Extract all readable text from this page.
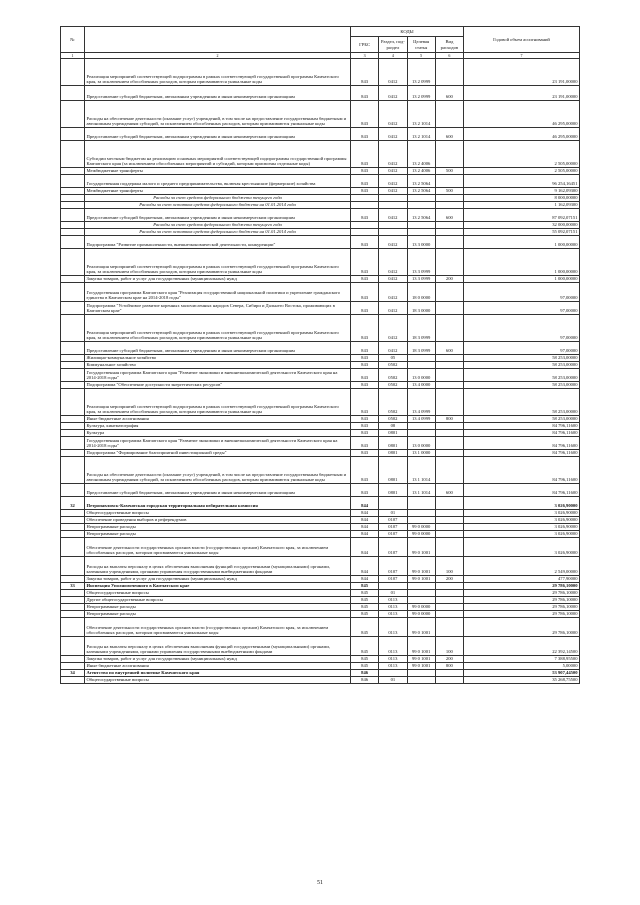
№		КОДЫ				Годовой объем ассигнований
		ГРБС	Раздел, под-раздел	Целевая статья	Вид расходов	
1	2	3	4	5	6	7
	Реализация мероприятий соответствующей подпрограммы в рамках соответствующей государственной программы Камчатского края, за исключением обособленных расходов, которым присваиваются уникальные коды	843	0412	13 2 0999		23 191,00000
	Предоставление субсидий бюджетным, автономным учреждениям и иным некоммерческим организациям	843	0412	13 2 0999	600	23 191,00000
	Расходы на обеспечение деятельности (оказание услуг) учреждений, в том числе на предоставление государственным бюджетным и автономным учреждениям субсидий, за исключением обособленных расходов, которым присваиваются уникальные коды	843	0412	13 2 1014		46 295,00000
	Предоставление субсидий бюджетным, автономным учреждениям и иным некоммерческим организациям	843	0412	13 2 1014	600	46 295,00000
	Субсидии местным бюджетам на реализацию основных мероприятий соответствующей подпрограммы государственной программы Камчатского края (за исключением обособленных мероприятий и субсидий, которым присвоены отдельные коды)	843	0412	13 2 4006		2 505,00000
	Межбюджетные трансферты	843	0412	13 2 4006	500	2 505,00000
	Государственная поддержка малого и среднего предпринимательства, включая крестьянские (фермерские) хозяйства	843	0412	13 2 5064		96 254,16451
	Межбюджетные трансферты	843	0412	13 2 5064	500	9 162,09300
	Расходы за счет средств федерального бюджета текущего года					8 000,00000
	Расходы за счет остатков средств федерального бюджета на 01.01.2014 года					1 162,09300
	Предоставление субсидий бюджетным, автономным учреждениям и иным некоммерческим организациям	843	0412	13 2 5064	600	87 092,07151
	Расходы за счет средств федерального бюджета текущего года					32 000,00000
	Расходы за счет остатков средств федерального бюджета на 01.01.2014 года					55 092,07151
	Подпрограмма "Развитие промышленности, внешнеэкономической деятельности, конкуренции"	843	0412	13 3 0000		1 000,00000
	Реализация мероприятий соответствующей подпрограммы в рамках соответствующей государственной программы Камчатского края, за исключением обособленных расходов, которым присваиваются уникальные коды	843	0412	13 3 0999		1 000,00000
	Закупка товаров, работ и услуг для государственных (муниципальных) нужд	843	0412	13 3 0999	200	1 000,00000
	Государственная программа Камчатского края "Реализация государственной национальной политики и укрепление гражданского единства в Камчатском крае на 2014-2018 годы"	843	0412	18 0 0000		97,00000
	Подпрограмма "Устойчивое развитие коренных малочисленных народов Севера, Сибири и Дальнего Востока, проживающих в Камчатском крае"	843	0412	18 3 0000		97,00000
	Реализация мероприятий соответствующей подпрограммы в рамках соответствующей государственной программы Камчатского края, за исключением обособленных расходов, которым присваиваются уникальные коды	843	0412	18 3 0999		97,00000
	Предоставление субсидий бюджетным, автономным учреждениям и иным некоммерческим организациям	843	0412	18 3 0999	600	97,00000
	Жилищно-коммунальное хозяйство	843	05			58 253,00000
	Коммунальное хозяйство	843	0502			58 253,00000
	Государственная программа Камчатского края "Развитие экономики и внешнеэкономической деятельности Камчатского края на 2014-2018 годы"	843	0502	13 0 0000		58 253,00000
	Подпрограмма "Обеспечение доступности энергетических ресурсов"	843	0502	13 4 0000		58 253,00000
	Реализация мероприятий соответствующей подпрограммы в рамках соответствующей государственной программы Камчатского края, за исключением обособленных расходов, которым присваиваются уникальные коды	843	0502	13 4 0999		58 253,00000
	Иные бюджетные ассигнования	843	0502	13 4 0999	800	58 253,00000
	Культура, кинематография	843	08			84 796,11600
	Культура	843	0801			84 796,11600
	Государственная программа Камчатского края "Развитие экономики и внешнеэкономической деятельности Камчатского края на 2014-2018 годы"	843	0801	13 0 0000		84 796,11600
	Подпрограмма "Формирование благоприятной инвестиционной среды"	843	0801	13 1 0000		84 796,11600
	Расходы на обеспечение деятельности (оказание услуг) учреждений, в том числе на предоставление государственным бюджетным и автономным учреждениям субсидий, за исключением обособленных расходов, которым присваиваются уникальные коды	843	0801	13 1 1014		84 796,11600
	Предоставление субсидий бюджетным, автономным учреждениям и иным некоммерческим организациям	843	0801	13 1 1014	600	84 796,11600
32	Петропавловск-Камчатская городская территориальная избирательная комиссия	844				3 026,90000
	Общегосударственные вопросы	844	01			3 026,90000
	Обеспечение проведения выборов и референдумов	844	0107			3 026,90000
	Непрограммные расходы	844	0107	99 0 0000		3 026,90000
	Непрограммные расходы	844	0107	99 0 0000		3 026,90000
	Обеспечение деятельности государственных органов власти (государственных органов) Камчатского края, за исключением обособленных расходов, которым присваиваются уникальные коды	844	0107	99 0 1001		3 026,90000
	Расходы на выплаты персоналу в целях обеспечения выполнения функций государственными (муниципальными) органами, казенными учреждениями, органами управления государственными внебюджетными фондами	844	0107	99 0 1001	100	2 549,00000
	Закупка товаров, работ и услуг для государственных (муниципальных) нужд	844	0107	99 0 1001	200	477,90000
33	Инспекция Уполномоченного в Камчатском крае	845				29 786,10000
	Общегосударственные вопросы	845	01			29 786,10000
	Другие общегосударственные вопросы	845	0113			29 786,10000
	Непрограммные расходы	845	0113	99 0 0000		29 786,10000
	Непрограммные расходы	845	0113	99 0 0000		29 786,10000
	Обеспечение деятельности государственных органов власти (государственных органов) Камчатского края, за исключением обособленных расходов, которым присваиваются уникальные коды	845	0113	99 0 1001		29 786,10000
	Расходы на выплаты персоналу в целях обеспечения выполнения функций государственными (муниципальными) органами, казенными учреждениями, органами управления государственными внебюджетными фондами	845	0113	99 0 1001	100	22 392,14500
	Закупка товаров, работ и услуг для государственных (муниципальных) нужд	845	0113	99 0 1001	200	7 388,95500
	Иные бюджетные ассигнования	845	0113	99 0 1001	800	5,00000
34	Агентство по внутренней политике Камчатского края	846				53 907,44500
	Общегосударственные вопросы	846	01			35 268,75500
51
